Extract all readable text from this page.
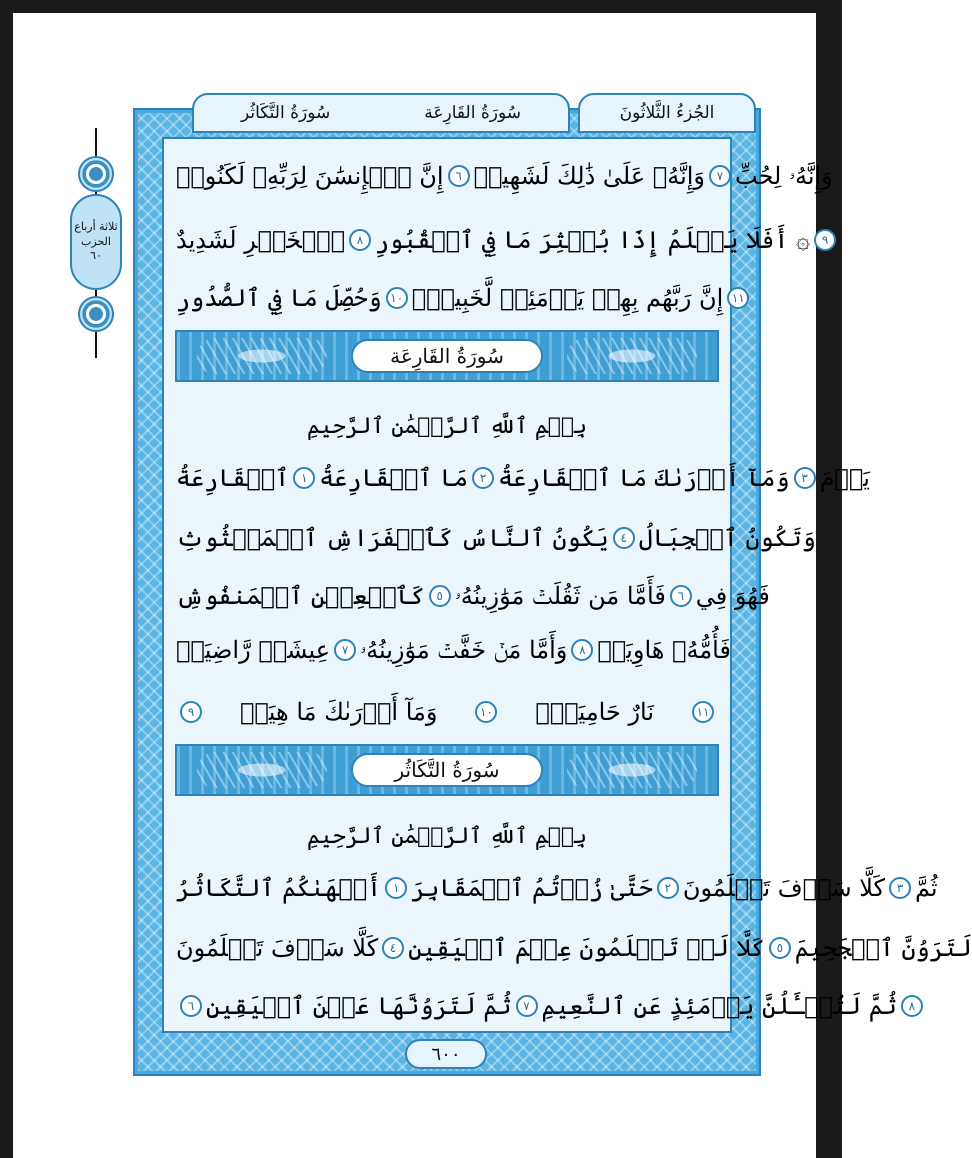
ثلاثة أرباع
الحزب
٦٠
سُورَةُ التَّكَاثُر	سُورَةُ القَارِعَة	الجُزءُ الثَّلاثُونَ
إِنَّ ٱلۡإِنسَٰنَ لِرَبِّهِۦ لَكَنُودٞ ٦ وَإِنَّهُۥ عَلَىٰ ذَٰلِكَ لَشَهِيدٞ ٧ وَإِنَّهُۥ لِحُبِّ
ٱلۡخَيۡرِ لَشَدِيدٌ ٨ ۞ أَفَلَا يَعۡلَمُ إِذَا بُعۡثِرَ مَا فِي ٱلۡقُبُورِ ٩
وَحُصِّلَ مَا فِي ٱلصُّدُورِ ١٠ إِنَّ رَبَّهُم بِهِمۡ يَوۡمَئِذٖ لَّخَبِيرُۢ ١١
سُورَةُ القَارِعَة
بِسۡمِ ٱللَّهِ ٱلرَّحۡمَٰنِ ٱلرَّحِيمِ
ٱلۡقَارِعَةُ ١ مَا ٱلۡقَارِعَةُ ٢ وَمَآ أَدۡرَىٰكَ مَا ٱلۡقَارِعَةُ ٣ يَوۡمَ
يَكُونُ ٱلنَّاسُ كَٱلۡفَرَاشِ ٱلۡمَبۡثُوثِ ٤ وَتَكُونُ ٱلۡجِبَالُ
كَٱلۡعِهۡنِ ٱلۡمَنفُوشِ ٥ فَأَمَّا مَن ثَقُلَتۡ مَوَٰزِينُهُۥ ٦ فَهُوَ فِي
عِيشَةٖ رَّاضِيَةٖ ٧ وَأَمَّا مَنۡ خَفَّتۡ مَوَٰزِينُهُۥ ٨ فَأُمُّهُۥ هَاوِيَةٞ
٩	وَمَآ أَدۡرَىٰكَ مَا هِيَهۡ	١٠ نَارٌ حَامِيَةُۢ	١١
سُورَةُ التَّكَاثُر
بِسۡمِ ٱللَّهِ ٱلرَّحۡمَٰنِ ٱلرَّحِيمِ
أَلۡهَىٰكُمُ ٱلتَّكَاثُرُ ١ حَتَّىٰ زُرۡتُمُ ٱلۡمَقَابِرَ ٢ كَلَّا سَوۡفَ تَعۡلَمُونَ ٣ ثُمَّ
كَلَّا سَوۡفَ تَعۡلَمُونَ ٤ كَلَّا لَوۡ تَعۡلَمُونَ عِلۡمَ ٱلۡيَقِينِ ٥ لَتَرَوُنَّ ٱلۡجَحِيمَ
٦ ثُمَّ لَتَرَوُنَّهَا عَيۡنَ ٱلۡيَقِينِ ٧ ثُمَّ لَتُسۡـَٔلُنَّ يَوۡمَئِذٍ عَنِ ٱلنَّعِيمِ ٨
٦٠٠
